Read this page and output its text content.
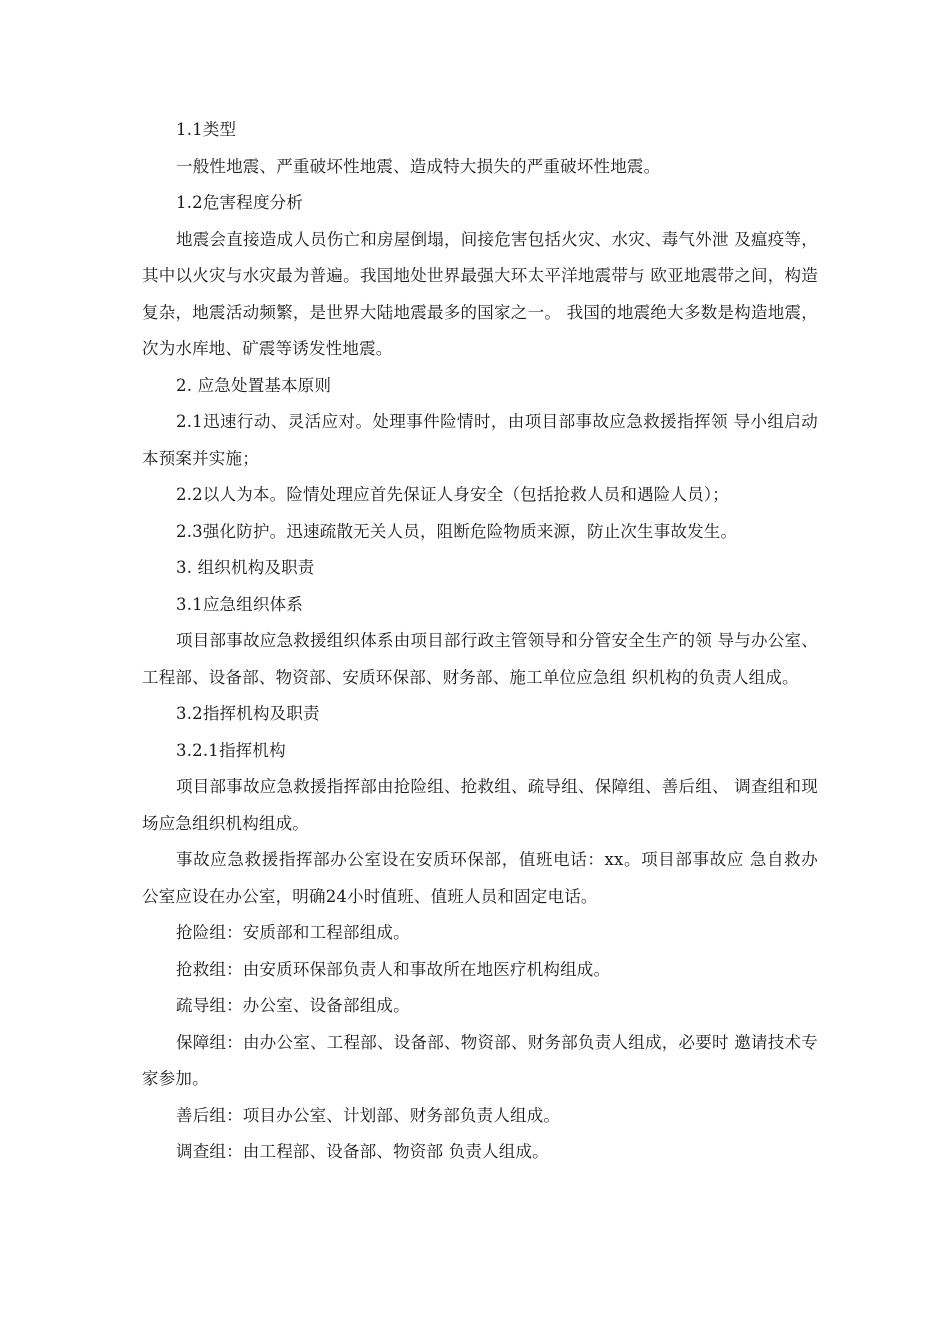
1.1类型

一般性地震、严重破坏性地震、造成特大损失的严重破坏性地震。

1.2危害程度分析

地震会直接造成人员伤亡和房屋倒塌，间接危害包括火灾、水灾、毒气外泄 及瘟疫等，其中以火灾与水灾最为普遍。我国地处世界最强大环太平洋地震带与 欧亚地震带之间，构造复杂，地震活动频繁，是世界大陆地震最多的国家之一。 我国的地震绝大多数是构造地震，次为水库地、矿震等诱发性地震。

2. 应急处置基本原则

2.1迅速行动、灵活应对。处理事件险情时，由项目部事故应急救援指挥领 导小组启动本预案并实施；

2.2以人为本。险情处理应首先保证人身安全（包括抢救人员和遇险人员）；

2.3强化防护。迅速疏散无关人员，阻断危险物质来源，防止次生事故发生。

3. 组织机构及职责

3.1应急组织体系

项目部事故应急救援组织体系由项目部行政主管领导和分管安全生产的领 导与办公室、工程部、设备部、物资部、安质环保部、财务部、施工单位应急组 织机构的负责人组成。

3.2指挥机构及职责

3.2.1指挥机构

项目部事故应急救援指挥部由抢险组、抢救组、疏导组、保障组、善后组、 调查组和现场应急组织机构组成。

事故应急救援指挥部办公室设在安质环保部，值班电话：xx。项目部事故应 急自救办公室应设在办公室，明确24小时值班、值班人员和固定电话。

抢险组：安质部和工程部组成。

抢救组：由安质环保部负责人和事故所在地医疗机构组成。

疏导组：办公室、设备部组成。

保障组：由办公室、工程部、设备部、物资部、财务部负责人组成，必要时 邀请技术专家参加。

善后组：项目办公室、计划部、财务部负责人组成。

调查组：由工程部、设备部、物资部 负责人组成。
